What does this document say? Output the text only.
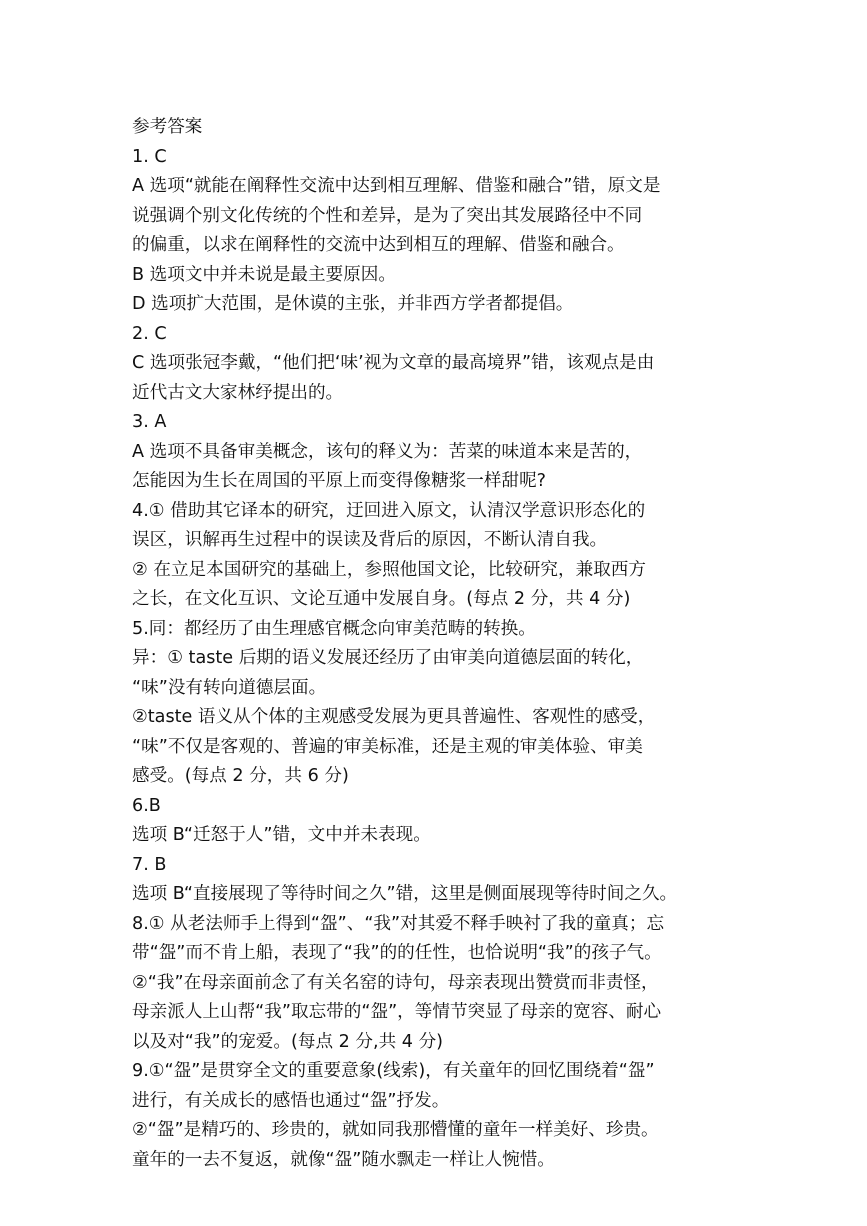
参考答案
1. C
A 选项“就能在阐释性交流中达到相互理解、借鉴和融合”错，原文是
说强调个别文化传统的个性和差异，是为了突出其发展路径中不同
的偏重，以求在阐释性的交流中达到相互的理解、借鉴和融合。
B 选项文中并未说是最主要原因。
D 选项扩大范围，是休谟的主张，并非西方学者都提倡。
2. C
C 选项张冠李戴，“他们把‘味’视为文章的最高境界”错，该观点是由
近代古文大家林纾提出的。
3. A
A 选项不具备审美概念，该句的释义为：苦菜的味道本来是苦的，
怎能因为生长在周国的平原上而变得像糖浆一样甜呢?
4.① 借助其它译本的研究，迂回进入原文，认清汉学意识形态化的
误区，识解再生过程中的误读及背后的原因，不断认清自我。
② 在立足本国研究的基础上，参照他国文论，比较研究，兼取西方
之长，在文化互识、文论互通中发展自身。(每点 2 分，共 4 分)
5.同：都经历了由生理感官概念向审美范畴的转换。
异：① taste 后期的语义发展还经历了由审美向道德层面的转化，
“味”没有转向道德层面。
②taste 语义从个体的主观感受发展为更具普遍性、客观性的感受，
“味”不仅是客观的、普遍的审美标准，还是主观的审美体验、审美
感受。(每点 2 分，共 6 分)
6.B
选项 B“迁怒于人”错，文中并未表现。
7. B
选项 B“直接展现了等待时间之久”错，这里是侧面展现等待时间之久。
8.① 从老法师手上得到“盌”、“我”对其爱不释手映衬了我的童真；忘
带“盌”而不肯上船，表现了“我”的的任性，也恰说明“我”的孩子气。
②“我”在母亲面前念了有关名窑的诗句，母亲表现出赞赏而非责怪，
母亲派人上山帮“我”取忘带的“盌”，等情节突显了母亲的宽容、耐心
以及对“我”的宠爱。(每点 2 分,共 4 分)
9.①“盌”是贯穿全文的重要意象(线索)，有关童年的回忆围绕着“盌”
进行，有关成长的感悟也通过“盌”抒发。
②“盌”是精巧的、珍贵的，就如同我那懵懂的童年一样美好、珍贵。
童年的一去不复返，就像“盌”随水飘走一样让人惋惜。
